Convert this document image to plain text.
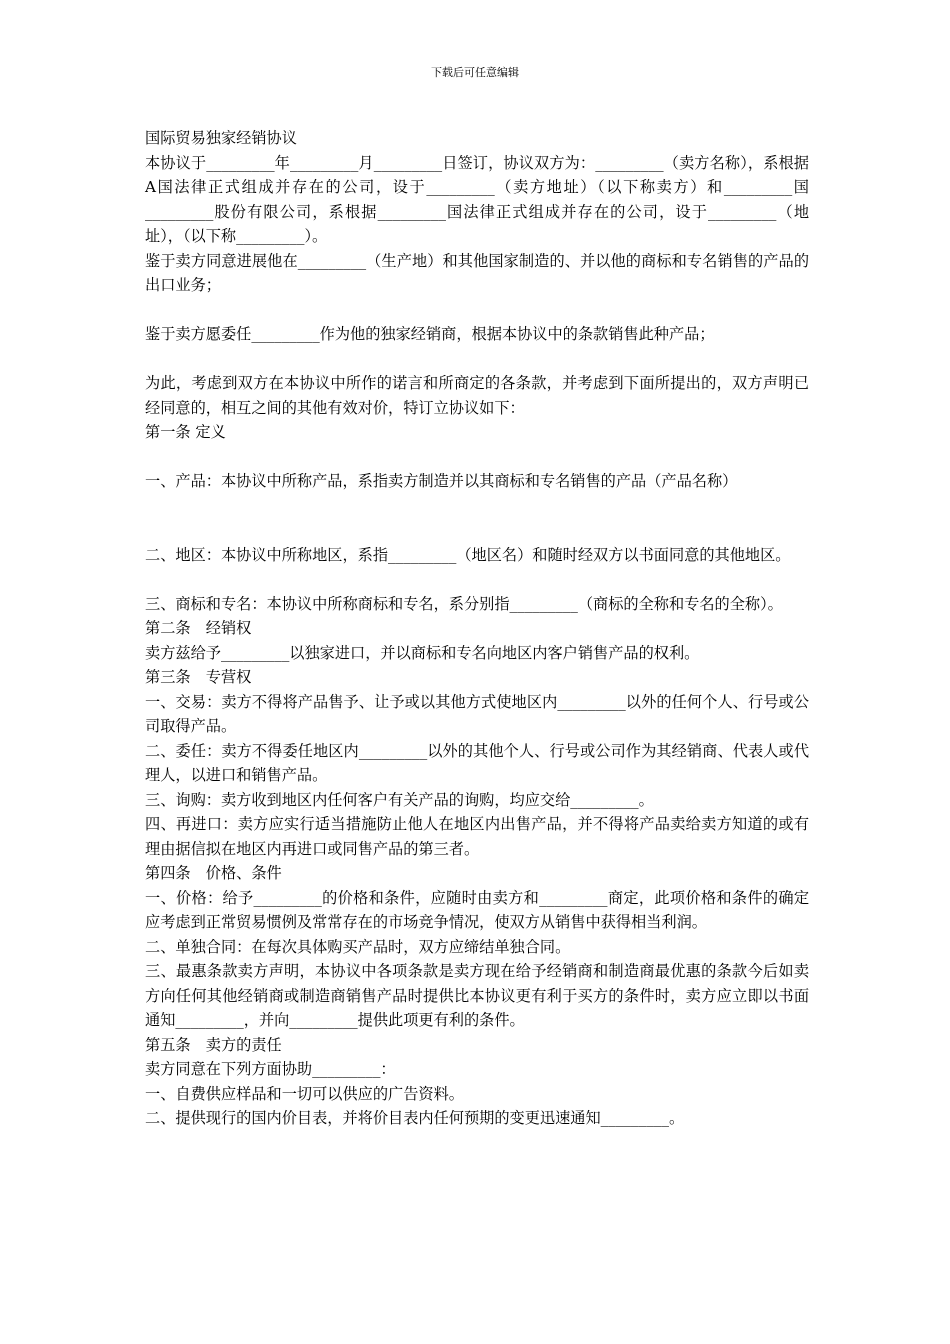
下载后可任意编辑

国际贸易独家经销协议

本协议于_________年_________月_________日签订，协议双方为：_________（卖方名称），系根据A国法律正式组成并存在的公司，设于_________（卖方地址）（以下称卖方）和_________国_________股份有限公司，系根据_________国法律正式组成并存在的公司，设于_________（地址），（以下称_________）。

鉴于卖方同意进展他在_________（生产地）和其他国家制造的、并以他的商标和专名销售的产品的出口业务；

鉴于卖方愿委任_________作为他的独家经销商，根据本协议中的条款销售此种产品；

为此，考虑到双方在本协议中所作的诺言和所商定的各条款，并考虑到下面所提出的，双方声明已经同意的，相互之间的其他有效对价，特订立协议如下：

第一条 定义

一、产品：本协议中所称产品，系指卖方制造并以其商标和专名销售的产品（产品名称）

二、地区：本协议中所称地区，系指_________（地区名）和随时经双方以书面同意的其他地区。

三、商标和专名：本协议中所称商标和专名，系分别指_________（商标的全称和专名的全称）。

第二条　经销权

卖方兹给予_________以独家进口，并以商标和专名向地区内客户销售产品的权利。

第三条　专营权

一、交易：卖方不得将产品售予、让予或以其他方式使地区内_________以外的任何个人、行号或公司取得产品。

二、委任：卖方不得委任地区内_________以外的其他个人、行号或公司作为其经销商、代表人或代理人，以进口和销售产品。

三、询购：卖方收到地区内任何客户有关产品的询购，均应交给_________。

四、再进口：卖方应实行适当措施防止他人在地区内出售产品，并不得将产品卖给卖方知道的或有理由据信拟在地区内再进口或同售产品的第三者。

第四条　价格、条件

一、价格：给予_________的价格和条件，应随时由卖方和_________商定，此项价格和条件的确定应考虑到正常贸易惯例及常常存在的市场竞争情况，使双方从销售中获得相当利润。

二、单独合同：在每次具体购买产品时，双方应缔结单独合同。

三、最惠条款卖方声明，本协议中各项条款是卖方现在给予经销商和制造商最优惠的条款今后如卖方向任何其他经销商或制造商销售产品时提供比本协议更有利于买方的条件时，卖方应立即以书面通知_________，并向_________提供此项更有利的条件。

第五条　卖方的责任

卖方同意在下列方面协助_________：

一、自费供应样品和一切可以供应的广告资料。

二、提供现行的国内价目表，并将价目表内任何预期的变更迅速通知_________。
